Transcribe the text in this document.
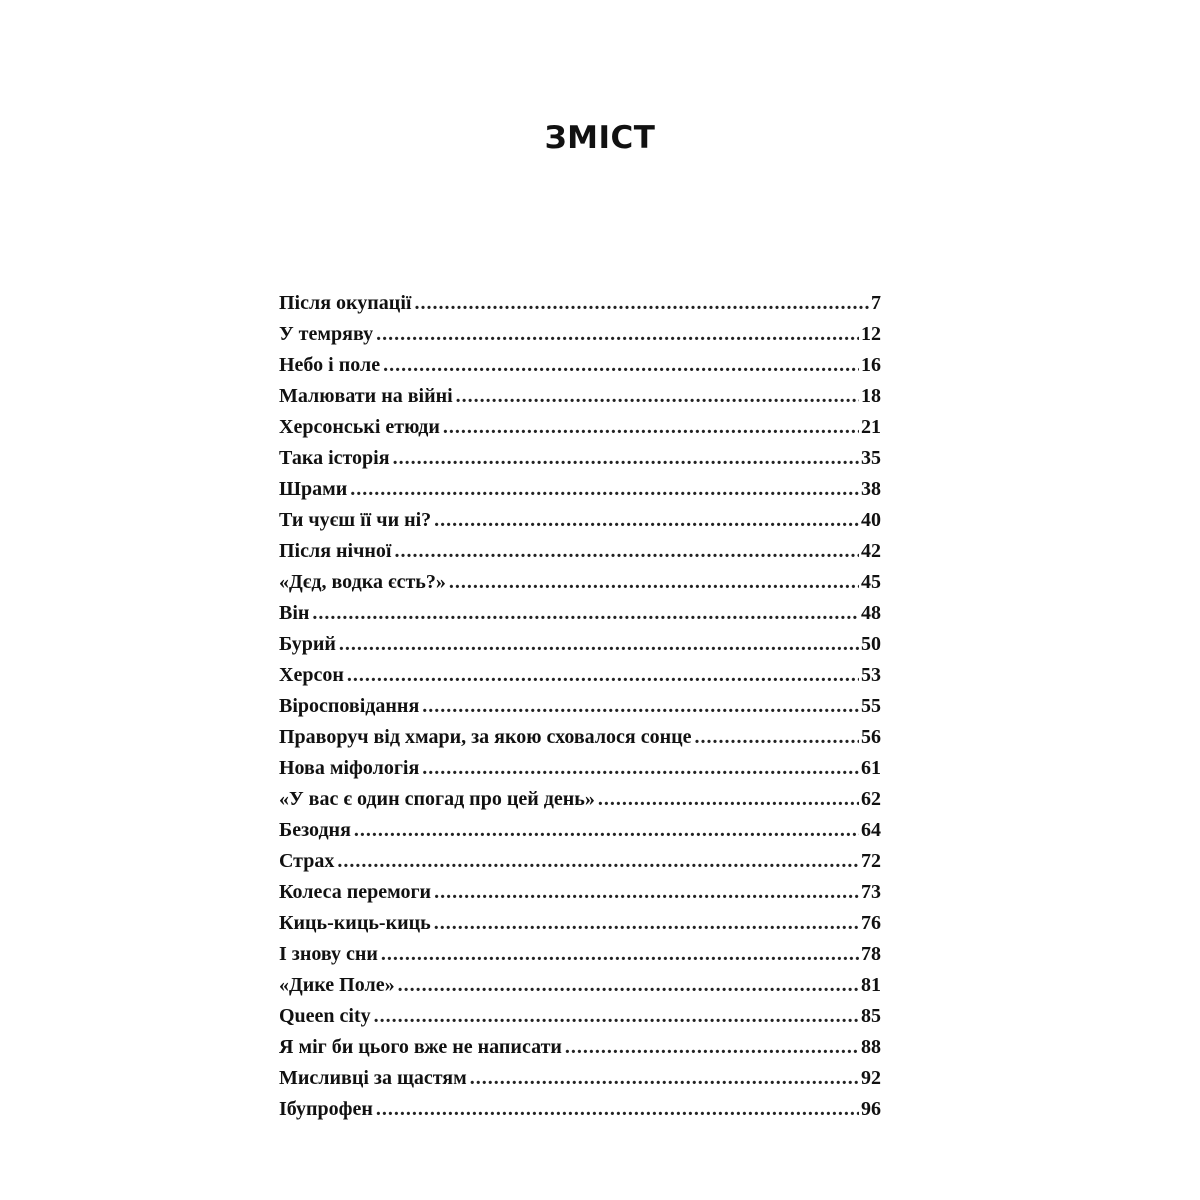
ЗМІСТ
Після окупації .....	7
У темряву .....	12
Небо і поле .....	16
Малювати на війні .....	18
Херсонські етюди .....	21
Така історія .....	35
Шрами .....	38
Ти чуєш її чи ні? .....	40
Після нічної .....	42
«Дєд, водка єсть?» .....	45
Він .....	48
Бурий .....	50
Херсон .....	53
Віросповідання .....	55
Праворуч від хмари, за якою сховалося сонце .....	56
Нова міфологія .....	61
«У вас є один спогад про цей день» .....	62
Безодня .....	64
Страх .....	72
Колеса перемоги .....	73
Киць-киць-киць .....	76
І знову сни .....	78
«Дике Поле» .....	81
Queen city .....	85
Я міг би цього вже не написати .....	88
Мисливці за щастям .....	92
Ібупрофен .....	96
